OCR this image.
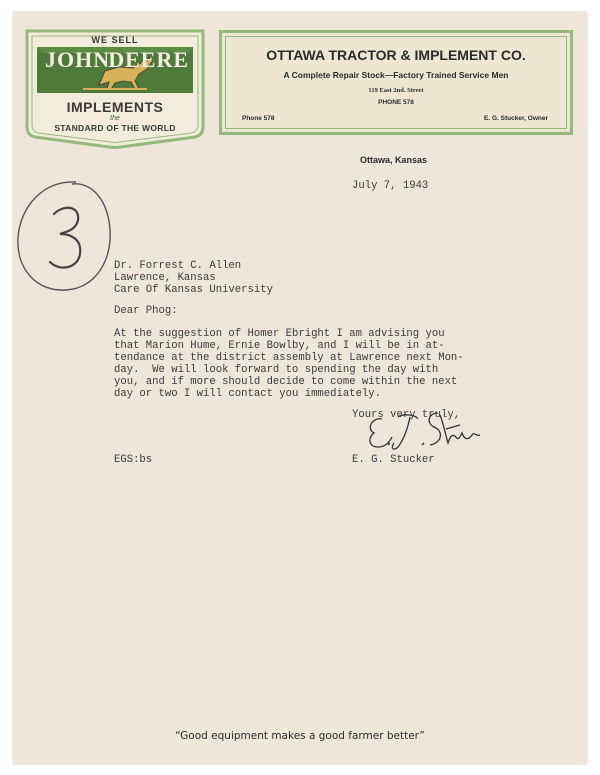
WE SELL
JOHN
DEERE
IMPLEMENTS
the
STANDARD OF THE WORLD
OTTAWA TRACTOR & IMPLEMENT CO.
A Complete Repair Stock—Factory Trained Service Men
119 East 2nd. Street
PHONE 578
Phone 578	E. G. Stucker, Owner
Ottawa, Kansas
July 7, 1943
Dr. Forrest C. Allen
Lawrence, Kansas
Care Of Kansas University
Dear Phog:
At the suggestion of Homer Ebright I am advising you
that Marion Hume, Ernie Bowlby, and I will be in at-
tendance at the district assembly at Lawrence next Mon-
day.  We will look forward to spending the day with
you, and if more should decide to come within the next
day or two I will contact you immediately.
Yours very truly,
EGS:bs	E. G. Stucker
“Good equipment makes a good farmer better”
